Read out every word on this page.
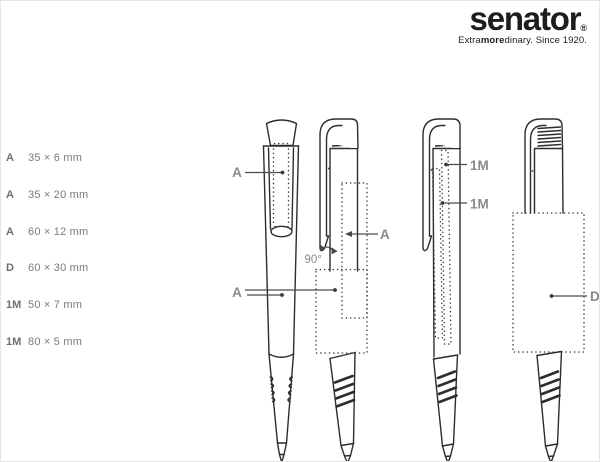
senator®
Extramoredinary. Since 1920.
A 35 × 6 mm
A 35 × 20 mm
A 60 × 12 mm
D 60 × 30 mm
1M 50 × 7 mm
1M 80 × 5 mm
A
A
A
90°
1M
1M
D
